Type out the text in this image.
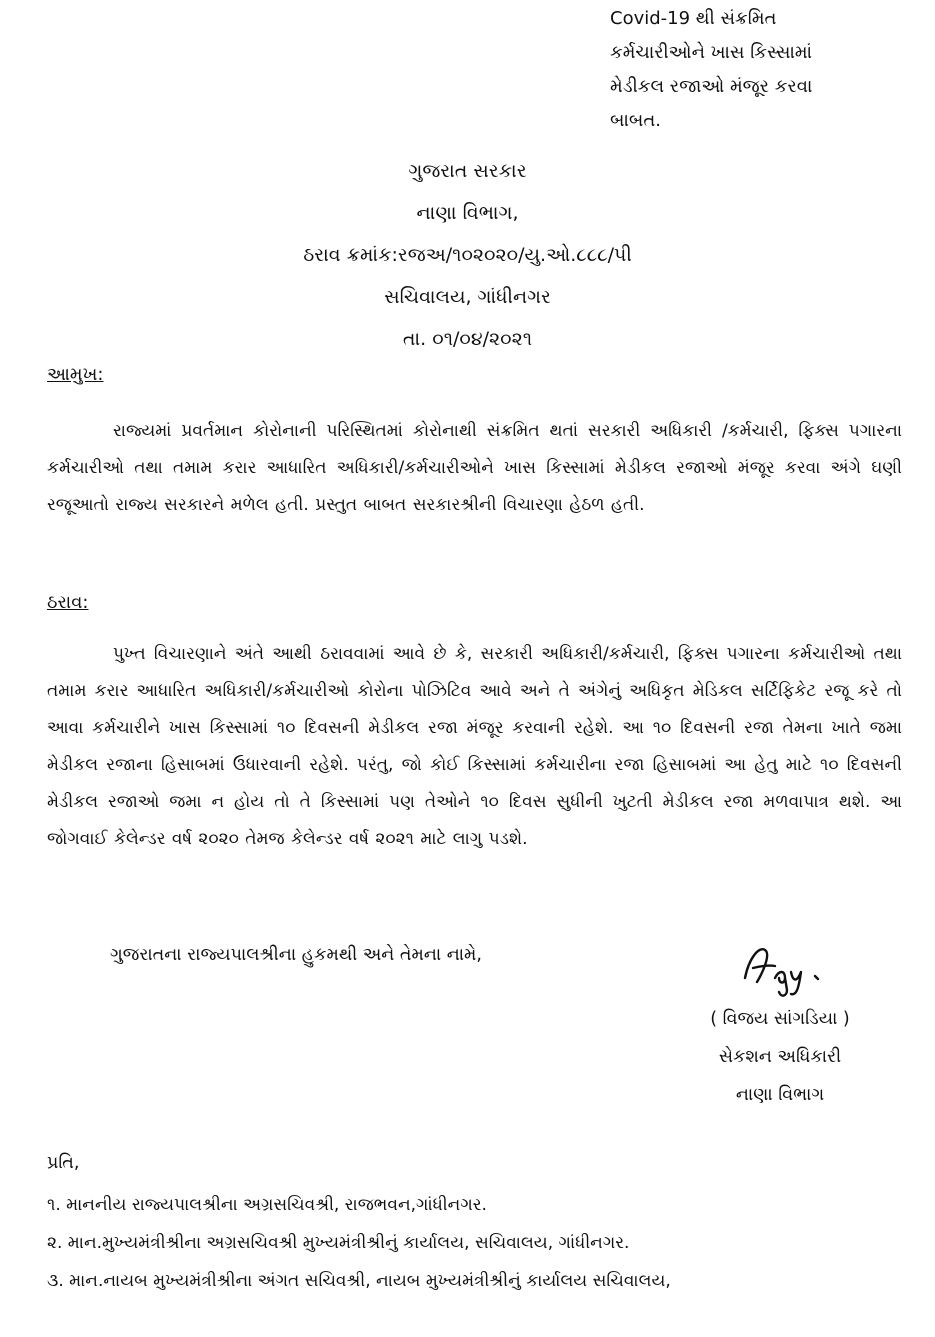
Covid-19 થી સંક્રમિત
કર્મચારીઓને ખાસ કિસ્સામાં
મેડીકલ રજાઓ મંજૂર કરવા
બાબત.
ગુજરાત સરકાર
નાણા વિભાગ,
ઠરાવ ક્રમાંક:રજઅ/૧૦૨૦૨૦/યુ.ઓ.૮૮૮/પી
સચિવાલય, ગાંધીનગર
તા. ૦૧/૦૪/૨૦૨૧
આમુખ:

રાજ્યમાં પ્રવર્તમાન કોરોનાની પરિસ્થિતમાં કોરોનાથી સંક્રમિત થતાં સરકારી અધિકારી /કર્મચારી, ફિક્સ પગારના કર્મચારીઓ તથા તમામ કરાર આધારિત અધિકારી/કર્મચારીઓને ખાસ કિસ્સામાં મેડીકલ રજાઓ મંજૂર કરવા અંગે ઘણી રજૂઆતો રાજ્ય સરકારને મળેલ હતી. પ્રસ્તુત બાબત સરકારશ્રીની વિચારણા હેઠળ હતી.

ઠરાવ:

પુખ્ત વિચારણાને અંતે આથી ઠરાવવામાં આવે છે કે, સરકારી અધિકારી/કર્મચારી, ફિક્સ પગારના કર્મચારીઓ તથા તમામ કરાર આધારિત અધિકારી/કર્મચારીઓ કોરોના પોઝિટિવ આવે અને તે અંગેનું અધિકૃત મેડિકલ સર્ટિફિકેટ રજૂ કરે તો આવા કર્મચારીને ખાસ કિસ્સામાં ૧૦ દિવસની મેડીકલ રજા મંજૂર કરવાની રહેશે. આ ૧૦ દિવસની રજા તેમના ખાતે જમા મેડીકલ રજાના હિસાબમાં ઉધારવાની રહેશે. પરંતુ, જો કોઈ કિસ્સામાં કર્મચારીના રજા હિસાબમાં આ હેતુ માટે ૧૦ દિવસની મેડીકલ રજાઓ જમા ન હોય તો તે કિસ્સામાં પણ તેઓને ૧૦ દિવસ સુધીની ખુટતી મેડીકલ રજા મળવાપાત્ર થશે. આ જોગવાઈ કેલેન્ડર વર્ષ ૨૦૨૦ તેમજ કેલેન્ડર વર્ષ ૨૦૨૧ માટે લાગુ પડશે.

ગુજરાતના રાજ્યપાલશ્રીના હુકમથી અને તેમના નામે,
( વિજય સાંગડિયા )
સેકશન અધિકારી
નાણા વિભાગ
પ્રતિ,
૧. માનનીય રાજ્યપાલશ્રીના અગ્રસચિવશ્રી, રાજભવન,ગાંધીનગર.
૨. માન.મુખ્યમંત્રીશ્રીના અગ્રસચિવશ્રી મુખ્યમંત્રીશ્રીનું કાર્યાલય, સચિવાલય, ગાંધીનગર.
૩. માન.નાયબ મુખ્યમંત્રીશ્રીના અંગત સચિવશ્રી, નાયબ મુખ્યમંત્રીશ્રીનું કાર્યાલય સચિવાલય,
